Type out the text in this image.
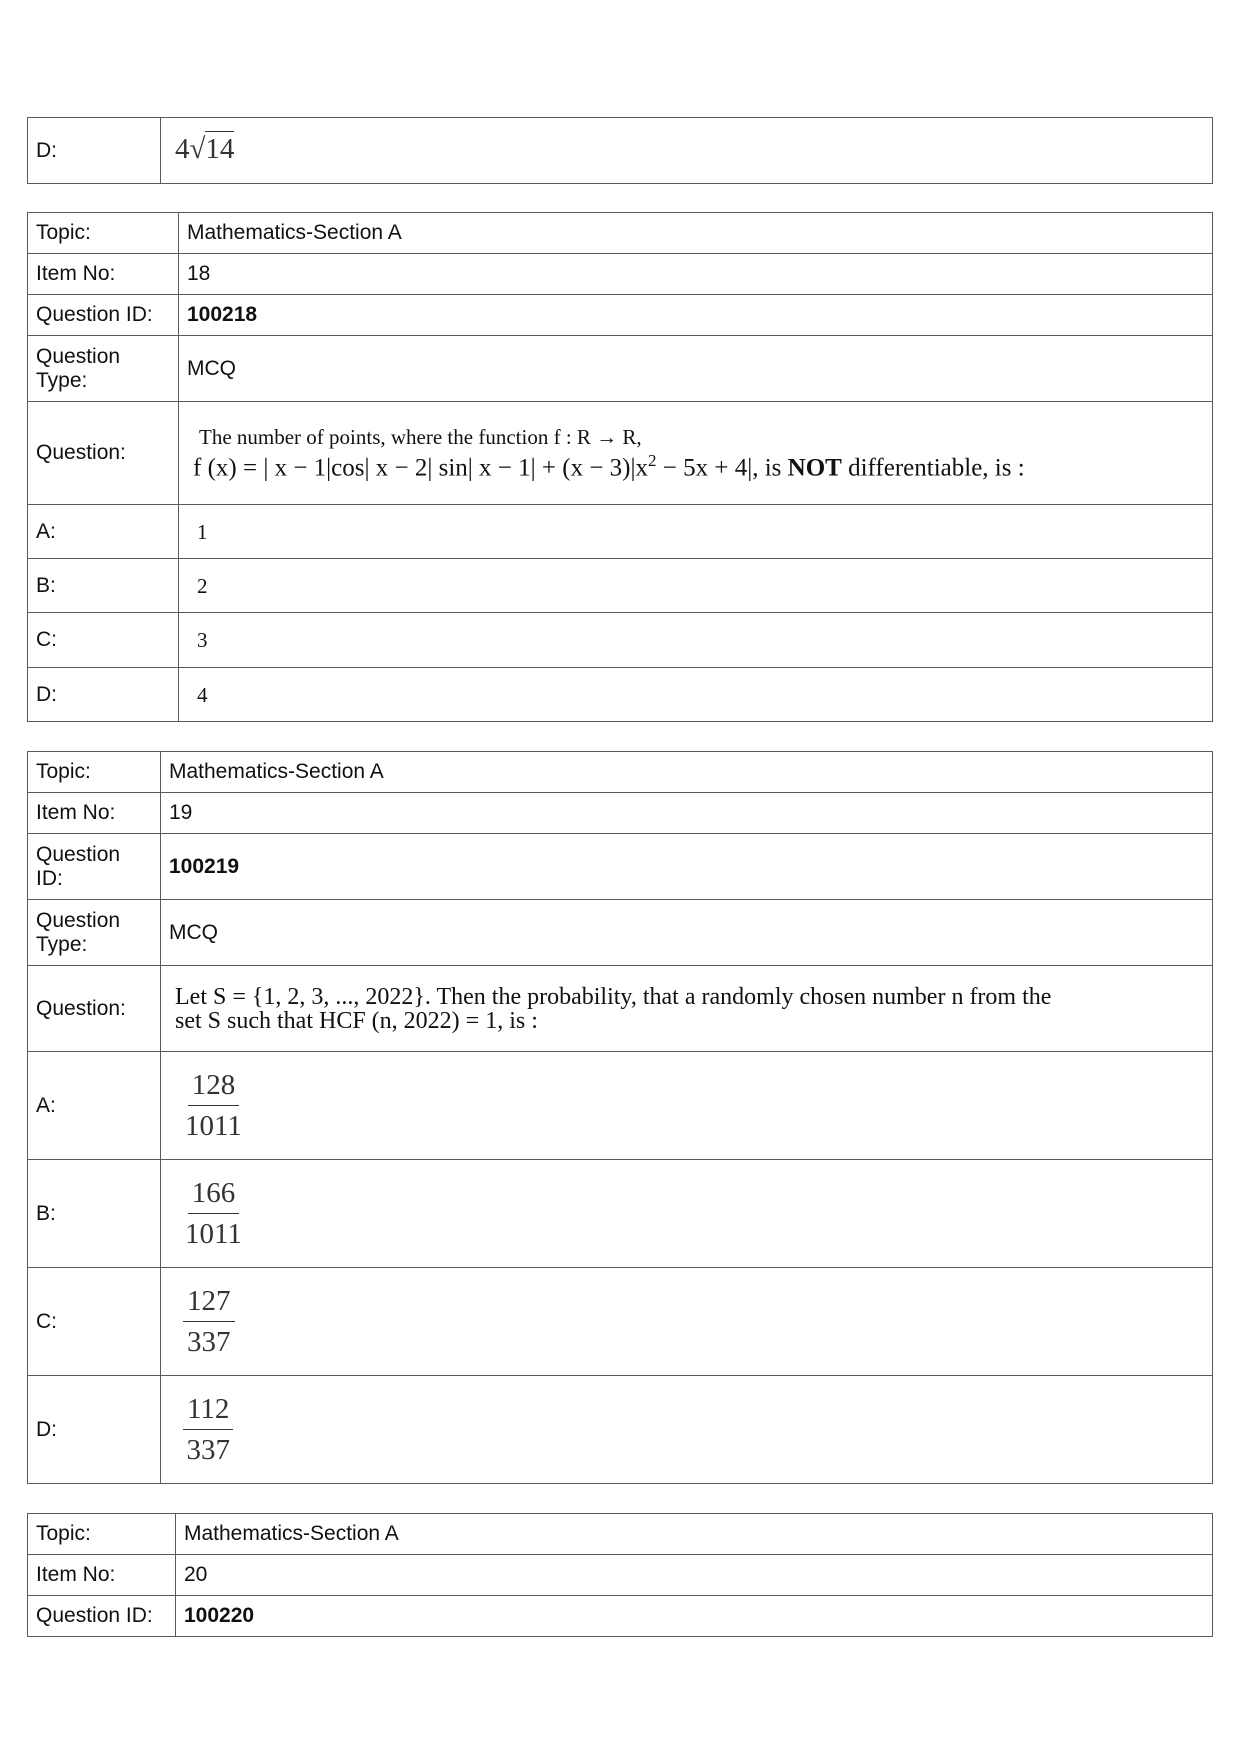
D:	4√14
Topic:	Mathematics-Section A
Item No:	18
Question ID:	100218
Question Type:	MCQ
Question:	The number of points, where the function f : R → R,
f (x) = | x − 1|cos| x − 2| sin| $x - 1| + (x - 3)|x^2 - 5x + 4|$, is NOT differentiable, is :

A:	1
B:	2
C:	3
D:	4
Topic:	Mathematics-Section A
Item No:	19
Question ID:	100219
Question Type:	MCQ
Question:	Let S = {1, 2, 3, ..., 2022}. Then the probability, that a randomly chosen number n from the
set S such that HCF (n, 2022) = 1, is :

A:	$\frac{128}{1011}$

B:	$\frac{166}{1011}$

C:	$\frac{127}{337}$

D:	$\frac{112}{337}$
Topic:	Mathematics-Section A
Item No:	20
Question ID:	100220
